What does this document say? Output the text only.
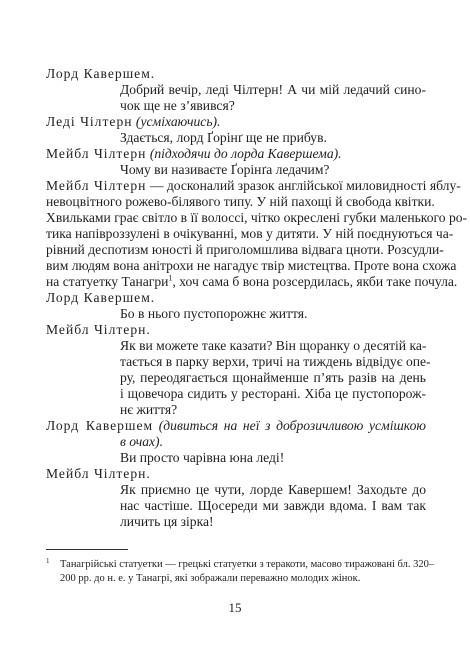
Лорд Кавершем.
Добрий вечір, леді Чілтерн! А чи мій ледачий сино-
чок ще не з’явився?
Леді Чілтерн (усміхаючись).
Здається, лорд Ґорінґ ще не прибув.
Мейбл Чілтерн (підходячи до лорда Кавершема).
Чому ви називаєте Ґорінґа ледачим?
Мейбл Чілтерн — досконалий зразок англійської миловидності яблу-
невоцвітного рожево-білявого типу. У ній пахощі й свобода квітки.
Хвильками грає світло в її волоссі, чітко окреслені губки маленького ро-
тика напівроззулені в очікуванні, мов у дитяти. У ній поєднуються ча-
рівний деспотизм юності й приголомшлива відвага цноти. Розсудли-
вим людям вона анітрохи не нагадує твір мистецтва. Проте вона схожа
на статуетку Танагри$^1$, хоч сама б вона розсердилась, якби таке почула.
Лорд Кавершем.
Бо в нього пустопорожнє життя.
Мейбл Чілтерн.
Як ви можете таке казати? Він щоранку о десятій ка-
тається в парку верхи, тричі на тиждень відвідує опе-
ру, переодягається щонайменше п’ять разів на день
і щовечора сидить у ресторані. Хіба це пустопорож-
нє життя?
Лорд Кавершем (дивиться на неї з доброзичливою усмішкою
в очах).
Ви просто чарівна юна леді!
Мейбл Чілтерн.
Як приємно це чути, лорде Кавершем! Заходьте до
нас частіше. Щосереди ми завжди вдома. І вам так
личить ця зірка!
1 Танагрійські статуетки — грецькі статуетки з теракоти, масово тиражовані бл. 320–
200 рр. до н. е. у Танагрі, які зображали переважно молодих жінок.
15
